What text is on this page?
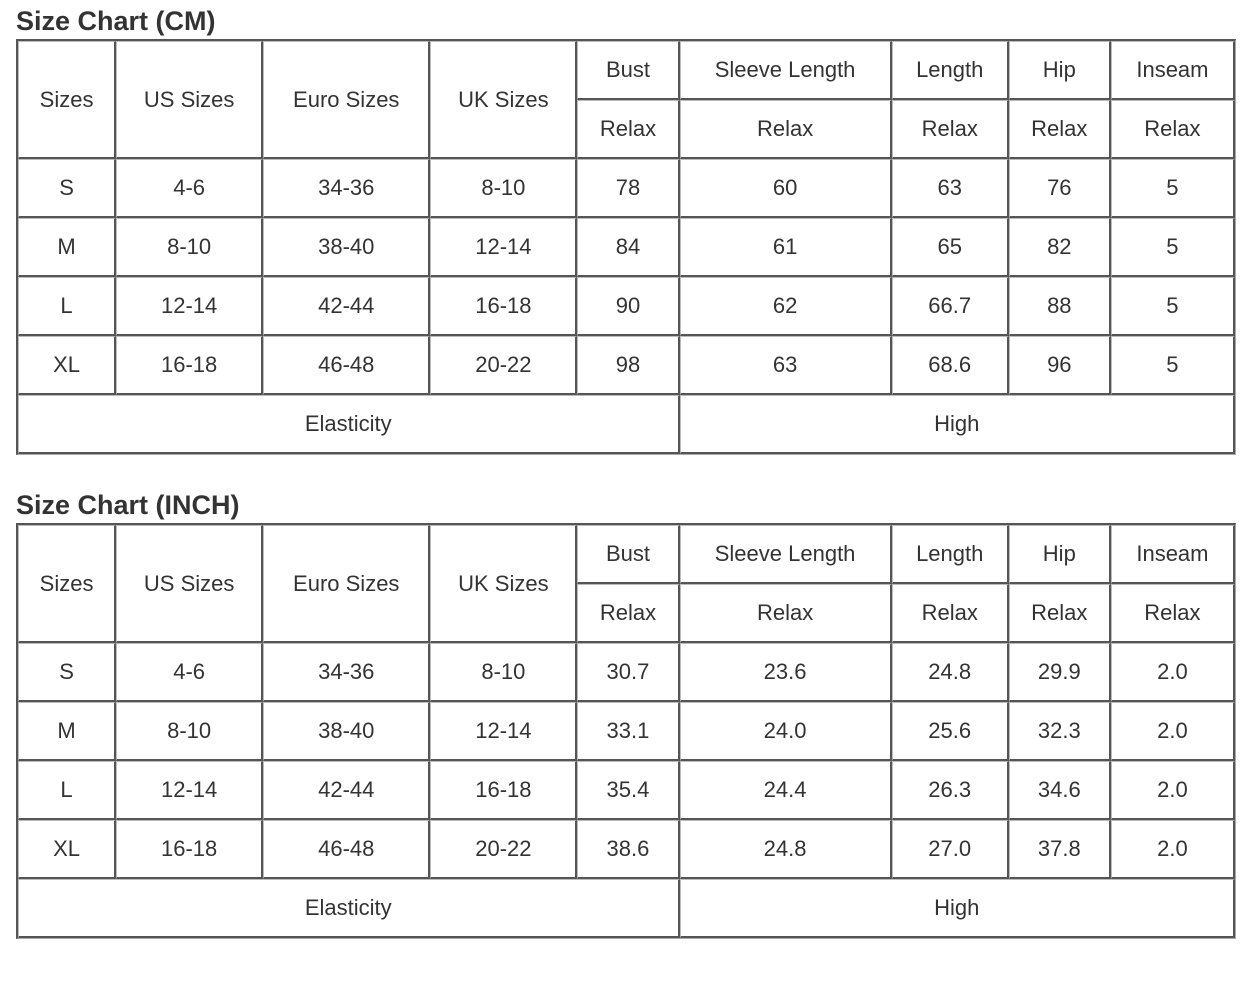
Size Chart (CM)
Sizes	US Sizes	Euro Sizes	UK Sizes	Bust	Sleeve Length	Length	Hip	Inseam
				Relax	Relax	Relax	Relax	Relax
S	4-6	34-36	8-10	78	60	63	76	5
M	8-10	38-40	12-14	84	61	65	82	5
L	12-14	42-44	16-18	90	62	66.7	88	5
XL	16-18	46-48	20-22	98	63	68.6	96	5
Elasticity					High			
Size Chart (INCH)
Sizes	US Sizes	Euro Sizes	UK Sizes	Bust	Sleeve Length	Length	Hip	Inseam
				Relax	Relax	Relax	Relax	Relax
S	4-6	34-36	8-10	30.7	23.6	24.8	29.9	2.0
M	8-10	38-40	12-14	33.1	24.0	25.6	32.3	2.0
L	12-14	42-44	16-18	35.4	24.4	26.3	34.6	2.0
XL	16-18	46-48	20-22	38.6	24.8	27.0	37.8	2.0
Elasticity					High			
